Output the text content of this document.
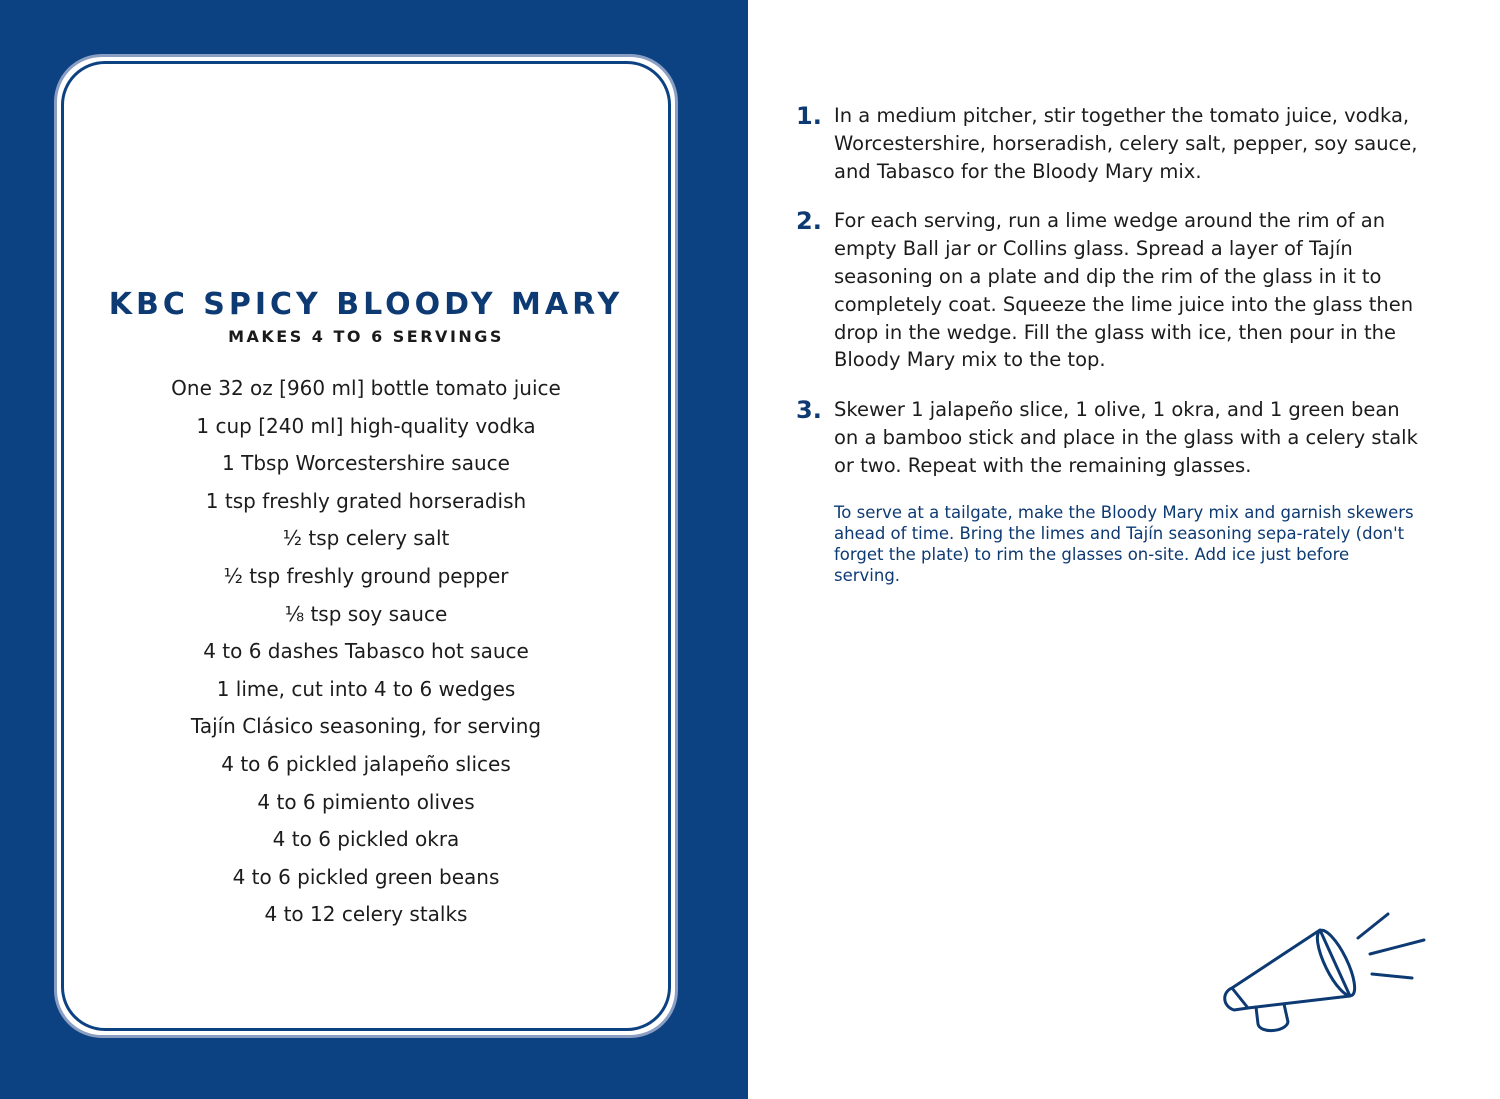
KBC SPICY BLOODY MARY
MAKES 4 TO 6 SERVINGS
One 32 oz [960 ml] bottle tomato juice
1 cup [240 ml] high-quality vodka
1 Tbsp Worcestershire sauce
1 tsp freshly grated horseradish
½ tsp celery salt
½ tsp freshly ground pepper
⅛ tsp soy sauce
4 to 6 dashes Tabasco hot sauce
1 lime, cut into 4 to 6 wedges
Tajín Clásico seasoning, for serving
4 to 6 pickled jalapeño slices
4 to 6 pimiento olives
4 to 6 pickled okra
4 to 6 pickled green beans
4 to 12 celery stalks
1. In a medium pitcher, stir together the tomato juice, vodka, Worcestershire, horseradish, celery salt, pepper, soy sauce, and Tabasco for the Bloody Mary mix.
2. For each serving, run a lime wedge around the rim of an empty Ball jar or Collins glass. Spread a layer of Tajín seasoning on a plate and dip the rim of the glass in it to completely coat. Squeeze the lime juice into the glass then drop in the wedge. Fill the glass with ice, then pour in the Bloody Mary mix to the top.
3. Skewer 1 jalapeño slice, 1 olive, 1 okra, and 1 green bean on a bamboo stick and place in the glass with a celery stalk or two. Repeat with the remaining glasses.
To serve at a tailgate, make the Bloody Mary mix and garnish skewers ahead of time. Bring the limes and Tajín seasoning sepa-rately (don't forget the plate) to rim the glasses on-site. Add ice just before serving.
